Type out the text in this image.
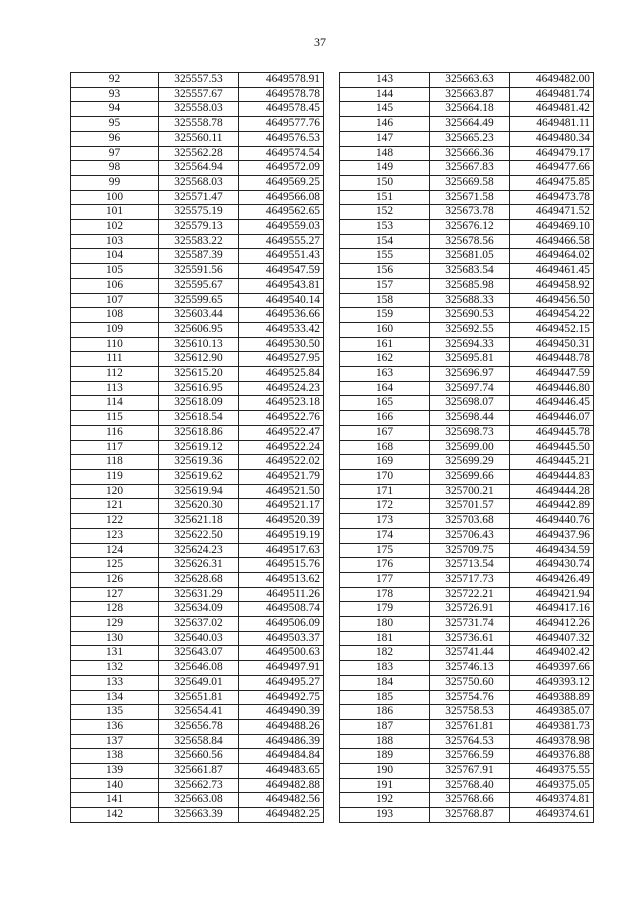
37
92	325557.53	4649578.91
93	325557.67	4649578.78
94	325558.03	4649578.45
95	325558.78	4649577.76
96	325560.11	4649576.53
97	325562.28	4649574.54
98	325564.94	4649572.09
99	325568.03	4649569.25
100	325571.47	4649566.08
101	325575.19	4649562.65
102	325579.13	4649559.03
103	325583.22	4649555.27
104	325587.39	4649551.43
105	325591.56	4649547.59
106	325595.67	4649543.81
107	325599.65	4649540.14
108	325603.44	4649536.66
109	325606.95	4649533.42
110	325610.13	4649530.50
111	325612.90	4649527.95
112	325615.20	4649525.84
113	325616.95	4649524.23
114	325618.09	4649523.18
115	325618.54	4649522.76
116	325618.86	4649522.47
117	325619.12	4649522.24
118	325619.36	4649522.02
119	325619.62	4649521.79
120	325619.94	4649521.50
121	325620.30	4649521.17
122	325621.18	4649520.39
123	325622.50	4649519.19
124	325624.23	4649517.63
125	325626.31	4649515.76
126	325628.68	4649513.62
127	325631.29	4649511.26
128	325634.09	4649508.74
129	325637.02	4649506.09
130	325640.03	4649503.37
131	325643.07	4649500.63
132	325646.08	4649497.91
133	325649.01	4649495.27
134	325651.81	4649492.75
135	325654.41	4649490.39
136	325656.78	4649488.26
137	325658.84	4649486.39
138	325660.56	4649484.84
139	325661.87	4649483.65
140	325662.73	4649482.88
141	325663.08	4649482.56
142	325663.39	4649482.25
143	325663.63	4649482.00
144	325663.87	4649481.74
145	325664.18	4649481.42
146	325664.49	4649481.11
147	325665.23	4649480.34
148	325666.36	4649479.17
149	325667.83	4649477.66
150	325669.58	4649475.85
151	325671.58	4649473.78
152	325673.78	4649471.52
153	325676.12	4649469.10
154	325678.56	4649466.58
155	325681.05	4649464.02
156	325683.54	4649461.45
157	325685.98	4649458.92
158	325688.33	4649456.50
159	325690.53	4649454.22
160	325692.55	4649452.15
161	325694.33	4649450.31
162	325695.81	4649448.78
163	325696.97	4649447.59
164	325697.74	4649446.80
165	325698.07	4649446.45
166	325698.44	4649446.07
167	325698.73	4649445.78
168	325699.00	4649445.50
169	325699.29	4649445.21
170	325699.66	4649444.83
171	325700.21	4649444.28
172	325701.57	4649442.89
173	325703.68	4649440.76
174	325706.43	4649437.96
175	325709.75	4649434.59
176	325713.54	4649430.74
177	325717.73	4649426.49
178	325722.21	4649421.94
179	325726.91	4649417.16
180	325731.74	4649412.26
181	325736.61	4649407.32
182	325741.44	4649402.42
183	325746.13	4649397.66
184	325750.60	4649393.12
185	325754.76	4649388.89
186	325758.53	4649385.07
187	325761.81	4649381.73
188	325764.53	4649378.98
189	325766.59	4649376.88
190	325767.91	4649375.55
191	325768.40	4649375.05
192	325768.66	4649374.81
193	325768.87	4649374.61
